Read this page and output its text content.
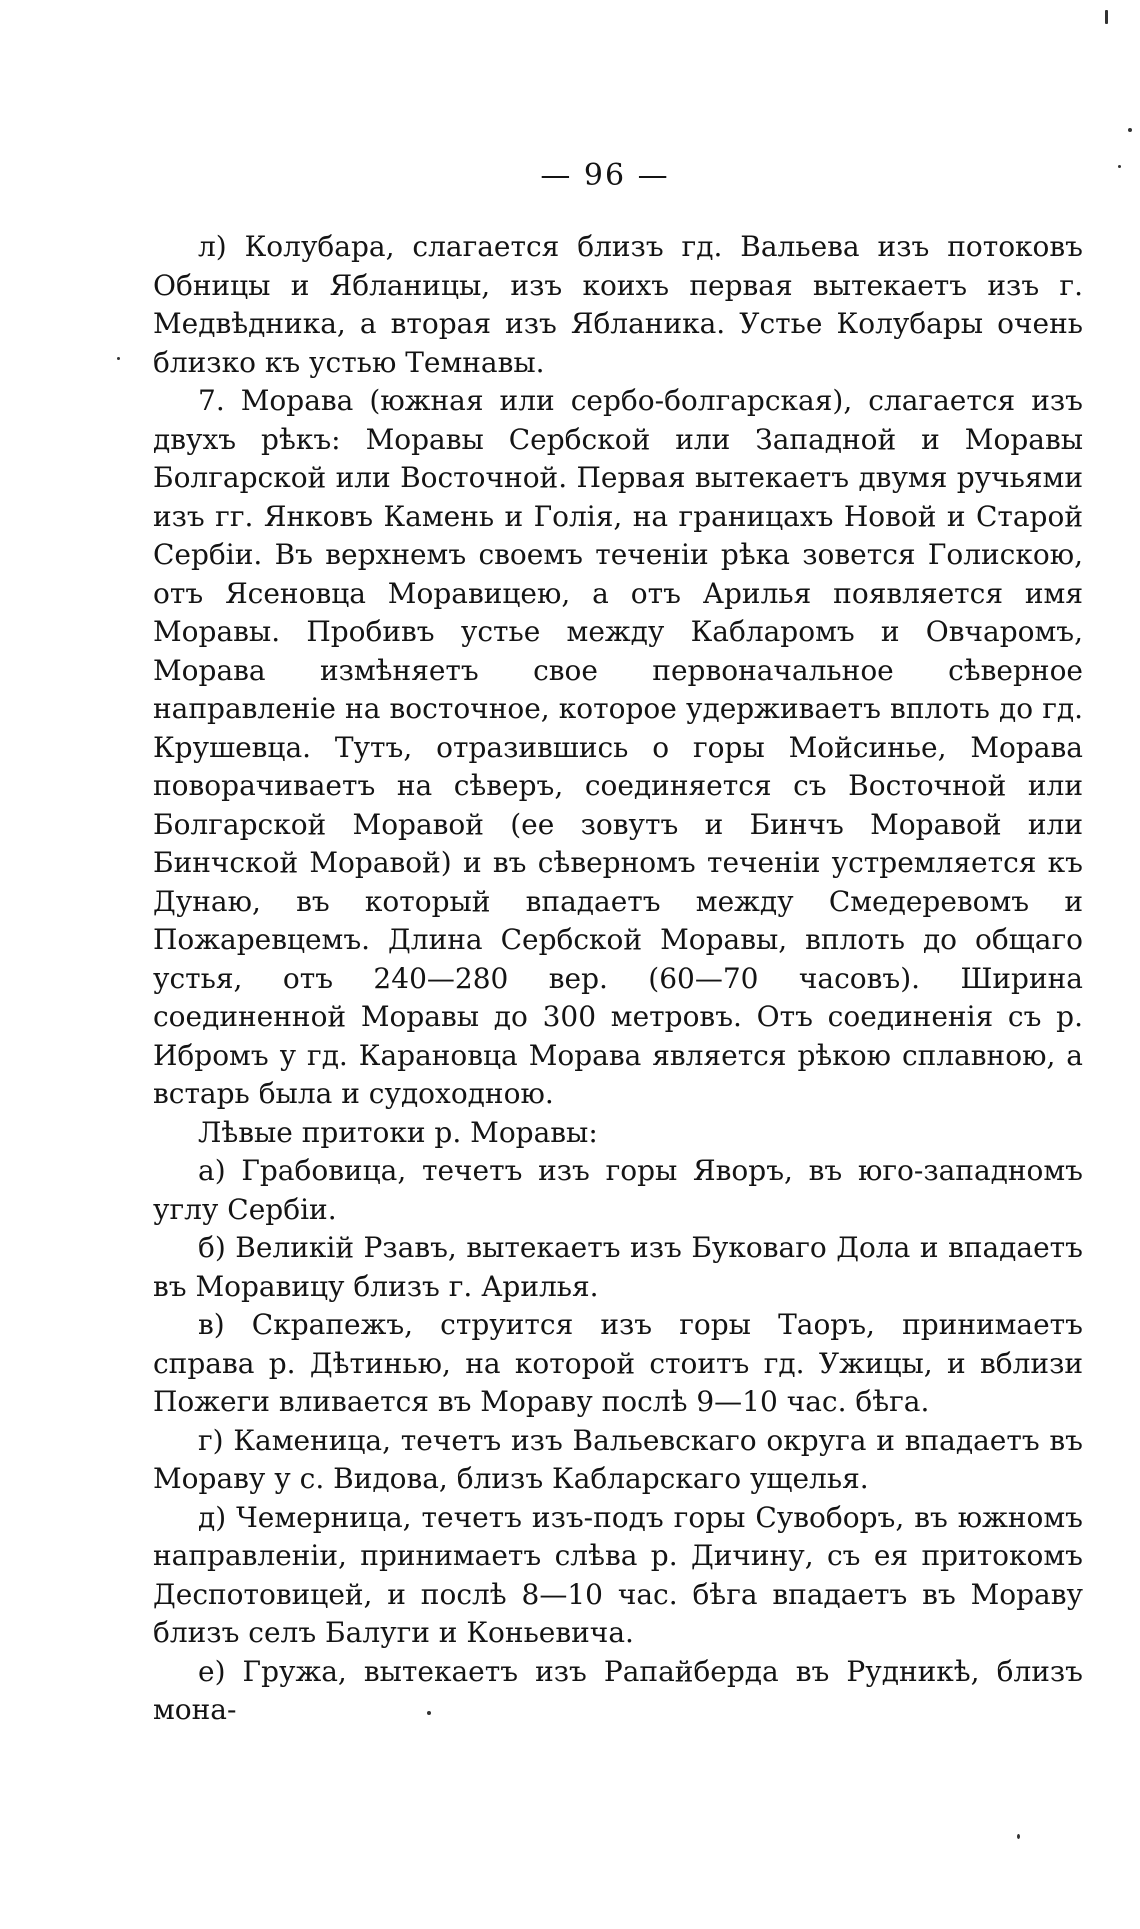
— 96 —

л) Колубара, слагается близъ гд. Вальева изъ потоковъ Обницы и Ябланицы, изъ коихъ первая вытекаетъ изъ г. Медвѣдника, а вторая изъ Ябланика. Устье Колубары очень близко къ устью Темнавы.

7. Морава (южная или сербо-болгарская), слагается изъ двухъ рѣкъ: Моравы Сербской или Западной и Моравы Болгарской или Восточной. Первая вытекаетъ двумя ручьями изъ гг. Янковъ Камень и Голія, на границахъ Новой и Старой Сербіи. Въ верхнемъ своемъ теченіи рѣка зовется Голискою, отъ Ясеновца Моравицею, а отъ Арилья появляется имя Моравы. Пробивъ устье между Кабларомъ и Овчаромъ, Морава измѣняетъ свое первоначальное сѣверное направленіе на восточное, которое удерживаетъ вплоть до гд. Крушевца. Тутъ, отразившись о горы Мойсинье, Морава поворачиваетъ на сѣверъ, соединяется съ Восточной или Болгарской Моравой (ее зовутъ и Бинчъ Моравой или Бинчской Моравой) и въ сѣверномъ теченіи устремляется къ Дунаю, въ который впадаетъ между Смедеревомъ и Пожаревцемъ. Длина Сербской Моравы, вплоть до общаго устья, отъ 240—280 вер. (60—70 часовъ). Ширина соединенной Моравы до 300 метровъ. Отъ соединенія съ р. Ибромъ у гд. Карановца Морава является рѣкою сплавною, а встарь была и судоходною.

Лѣвые притоки р. Моравы:

а) Грабовица, течетъ изъ горы Яворъ, въ юго-западномъ углу Сербіи.

б) Великій Рзавъ, вытекаетъ изъ Буковаго Дола и впадаетъ въ Моравицу близъ г. Арилья.

в) Скрапежъ, струится изъ горы Таоръ, принимаетъ справа р. Дѣтинью, на которой стоитъ гд. Ужицы, и вблизи Пожеги вливается въ Мораву послѣ 9—10 час. бѣга.

г) Каменица, течетъ изъ Вальевскаго округа и впадаетъ въ Мораву у с. Видова, близъ Кабларскаго ущелья.

д) Чемерница, течетъ изъ-подъ горы Сувоборъ, въ южномъ направленіи, принимаетъ слѣва р. Дичину, съ ея притокомъ Деспотовицей, и послѣ 8—10 час. бѣга впадаетъ въ Мораву близъ селъ Балуги и Коньевича.

е) Гружа, вытекаетъ изъ Рапайберда въ Рудникѣ, близъ мона-
